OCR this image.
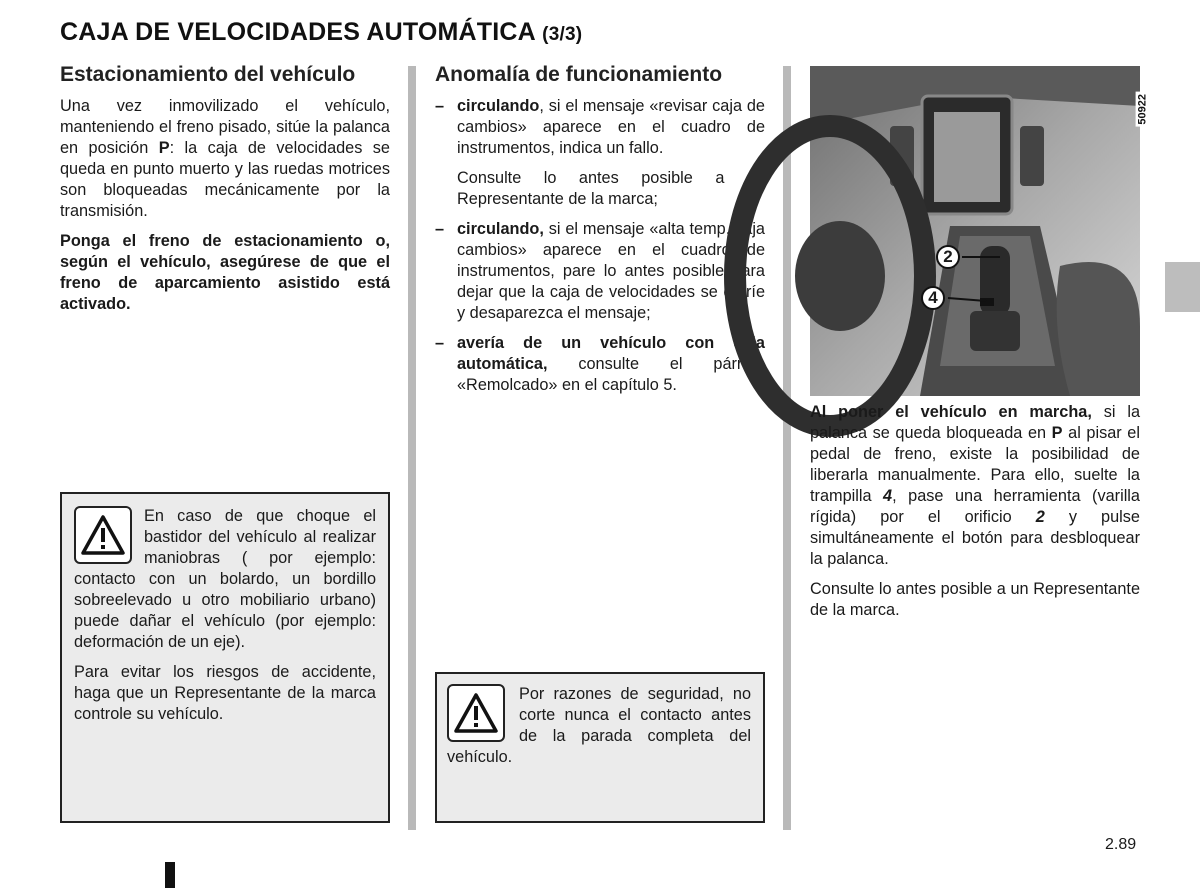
CAJA DE VELOCIDADES AUTOMÁTICA (3/3)
Estacionamiento del vehículo

Una vez inmovilizado el vehículo, manteniendo el freno pisado, sitúe la palanca en posición P: la caja de velocidades se queda en punto muerto y las ruedas motrices son bloqueadas mecánicamente por la transmisión.

Ponga el freno de estacionamiento o, según el vehículo, asegúrese de que el freno de aparcamiento asistido está activado.

En caso de que choque el bastidor del vehículo al realizar maniobras ( por ejemplo: contacto con un bolardo, un bordillo sobreelevado u otro mobiliario urbano) puede dañar el vehículo (por ejemplo: deformación de un eje).

Para evitar los riesgos de accidente, haga que un Representante de la marca controle su vehículo.

Anomalía de funcionamiento
– circulando, si el mensaje «revisar caja de cambios» aparece en el cuadro de instrumentos, indica un fallo.
Consulte lo antes posible a un Representante de la marca;
– circulando, si el mensaje «alta temp. caja cambios» aparece en el cuadro de instrumentos, pare lo antes posible para dejar que la caja de velocidades se enfríe y desaparezca el mensaje;
– avería de un vehículo con caja automática, consulte el párrafo «Remolcado» en el capítulo 5.

Por razones de seguridad, no corte nunca el contacto antes de la parada completa del vehículo.

2
4
50922

Al poner el vehículo en marcha, si la palanca se queda bloqueada en P al pisar el pedal de freno, existe la posibilidad de liberarla manualmente. Para ello, suelte la trampilla 4, pase una herramienta (varilla rígida) por el orificio 2 y pulse simultáneamente el botón para desbloquear la palanca.

Consulte lo antes posible a un Representante de la marca.

2.89
